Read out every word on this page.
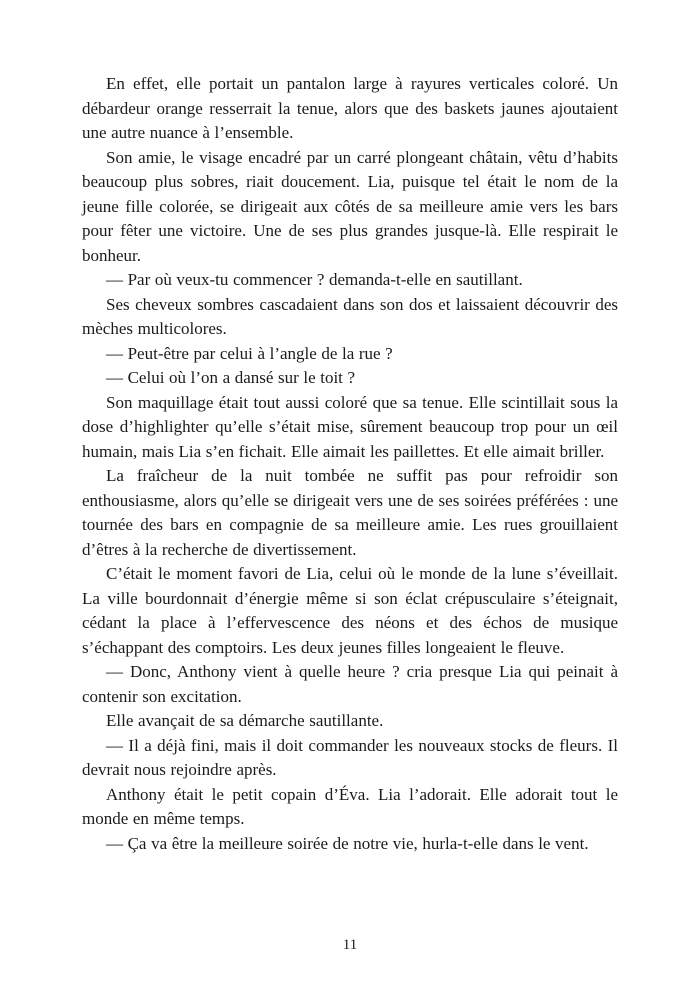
En effet, elle portait un pantalon large à rayures verticales coloré. Un débardeur orange resserrait la tenue, alors que des baskets jaunes ajoutaient une autre nuance à l’ensemble.

Son amie, le visage encadré par un carré plongeant châtain, vêtu d’habits beaucoup plus sobres, riait doucement. Lia, puisque tel était le nom de la jeune fille colorée, se dirigeait aux côtés de sa meilleure amie vers les bars pour fêter une victoire. Une de ses plus grandes jusque-là. Elle respirait le bonheur.

— Par où veux-tu commencer ? demanda-t-elle en sautillant.

Ses cheveux sombres cascadaient dans son dos et laissaient découvrir des mèches multicolores.

— Peut-être par celui à l’angle de la rue ?

— Celui où l’on a dansé sur le toit ?

Son maquillage était tout aussi coloré que sa tenue. Elle scintillait sous la dose d’highlighter qu’elle s’était mise, sûrement beaucoup trop pour un œil humain, mais Lia s’en fichait. Elle aimait les paillettes. Et elle aimait briller.

La fraîcheur de la nuit tombée ne suffit pas pour refroidir son enthousiasme, alors qu’elle se dirigeait vers une de ses soirées préférées : une tournée des bars en compagnie de sa meilleure amie. Les rues grouillaient d’êtres à la recherche de divertissement.

C’était le moment favori de Lia, celui où le monde de la lune s’éveillait. La ville bourdonnait d’énergie même si son éclat crépusculaire s’éteignait, cédant la place à l’effervescence des néons et des échos de musique s’échappant des comptoirs. Les deux jeunes filles longeaient le fleuve.

— Donc, Anthony vient à quelle heure ? cria presque Lia qui peinait à contenir son excitation.

Elle avançait de sa démarche sautillante.

— Il a déjà fini, mais il doit commander les nouveaux stocks de fleurs. Il devrait nous rejoindre après.

Anthony était le petit copain d’Éva. Lia l’adorait. Elle adorait tout le monde en même temps.

— Ça va être la meilleure soirée de notre vie, hurla-t-elle dans le vent.

11
